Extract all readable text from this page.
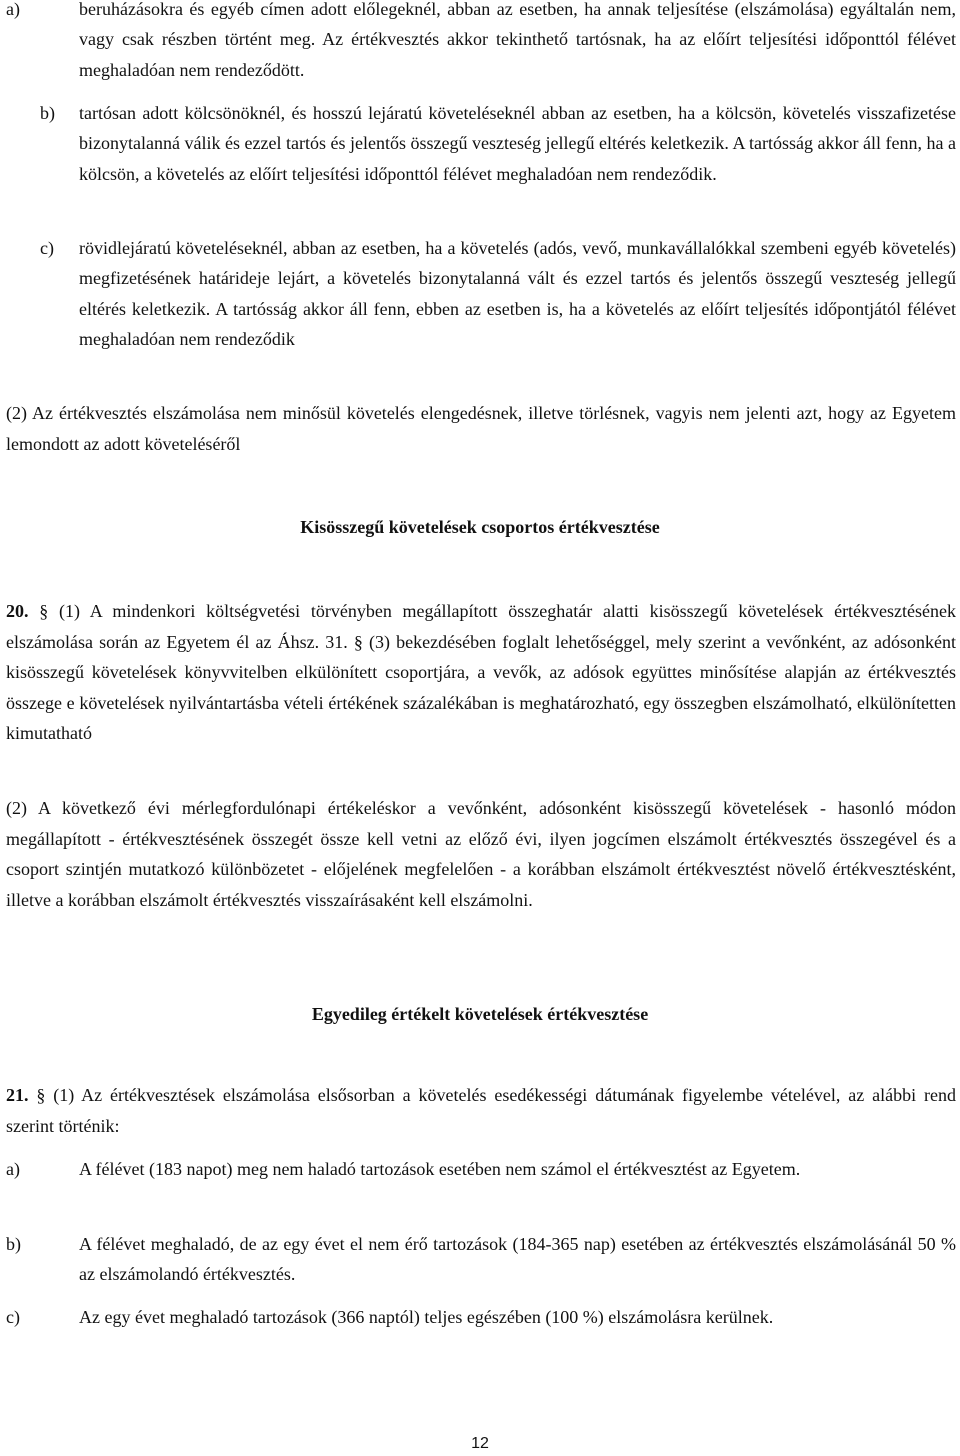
a)	beruházásokra és egyéb címen adott előlegeknél, abban az esetben, ha annak teljesítése (elszámolása) egyáltalán nem, vagy csak részben történt meg. Az értékvesztés akkor tekinthető tartósnak, ha az előírt teljesítési időponttól félévet meghaladóan nem rendeződött.
b) tartósan adott kölcsönöknél, és hosszú lejáratú követeléseknél abban az esetben, ha a kölcsön, követelés visszafizetése bizonytalanná válik és ezzel tartós és jelentős összegű veszteség jellegű eltérés keletkezik. A tartósság akkor áll fenn, ha a kölcsön, a követelés az előírt teljesítési időponttól félévet meghaladóan nem rendeződik.
c) rövidlejáratú követeléseknél, abban az esetben, ha a követelés (adós, vevő, munkavállalókkal szembeni egyéb követelés) megfizetésének határideje lejárt, a követelés bizonytalanná vált és ezzel tartós és jelentős összegű veszteség jellegű eltérés keletkezik. A tartósság akkor áll fenn, ebben az esetben is, ha a követelés az előírt teljesítés időpontjától félévet meghaladóan nem rendeződik
(2) Az értékvesztés elszámolása nem minősül követelés elengedésnek, illetve törlésnek, vagyis nem jelenti azt, hogy az Egyetem lemondott az adott követeléséről
Kisösszegű követelések csoportos értékvesztése
20. § (1) A mindenkori költségvetési törvényben megállapított összeghatár alatti kisösszegű követelések értékvesztésének elszámolása során az Egyetem él az Áhsz. 31. § (3) bekezdésében foglalt lehetőséggel, mely szerint a vevőnként, az adósonként kisösszegű követelések könyvvitelben elkülönített csoportjára, a vevők, az adósok együttes minősítése alapján az értékvesztés összege e követelések nyilvántartásba vételi értékének százalékában is meghatározható, egy összegben elszámolható, elkülönítetten kimutatható
(2) A következő évi mérlegfordulónapi értékeléskor a vevőnként, adósonként kisösszegű követelések - hasonló módon megállapított - értékvesztésének összegét össze kell vetni az előző évi, ilyen jogcímen elszámolt értékvesztés összegével és a csoport szintjén mutatkozó különbözetet - előjelének megfelelően - a korábban elszámolt értékvesztést növelő értékvesztésként, illetve a korábban elszámolt értékvesztés visszaírásaként kell elszámolni.
Egyedileg értékelt követelések értékvesztése
21. § (1) Az értékvesztések elszámolása elsősorban a követelés esedékességi dátumának figyelembe vételével, az alábbi rend szerint történik:
a)	A félévet (183 napot) meg nem haladó tartozások esetében nem számol el értékvesztést az Egyetem.
b)	A félévet meghaladó, de az egy évet el nem érő tartozások (184-365 nap) esetében az értékvesztés elszámolásánál 50 % az elszámolandó értékvesztés.
c)	Az egy évet meghaladó tartozások (366 naptól) teljes egészében (100 %) elszámolásra kerülnek.
12
